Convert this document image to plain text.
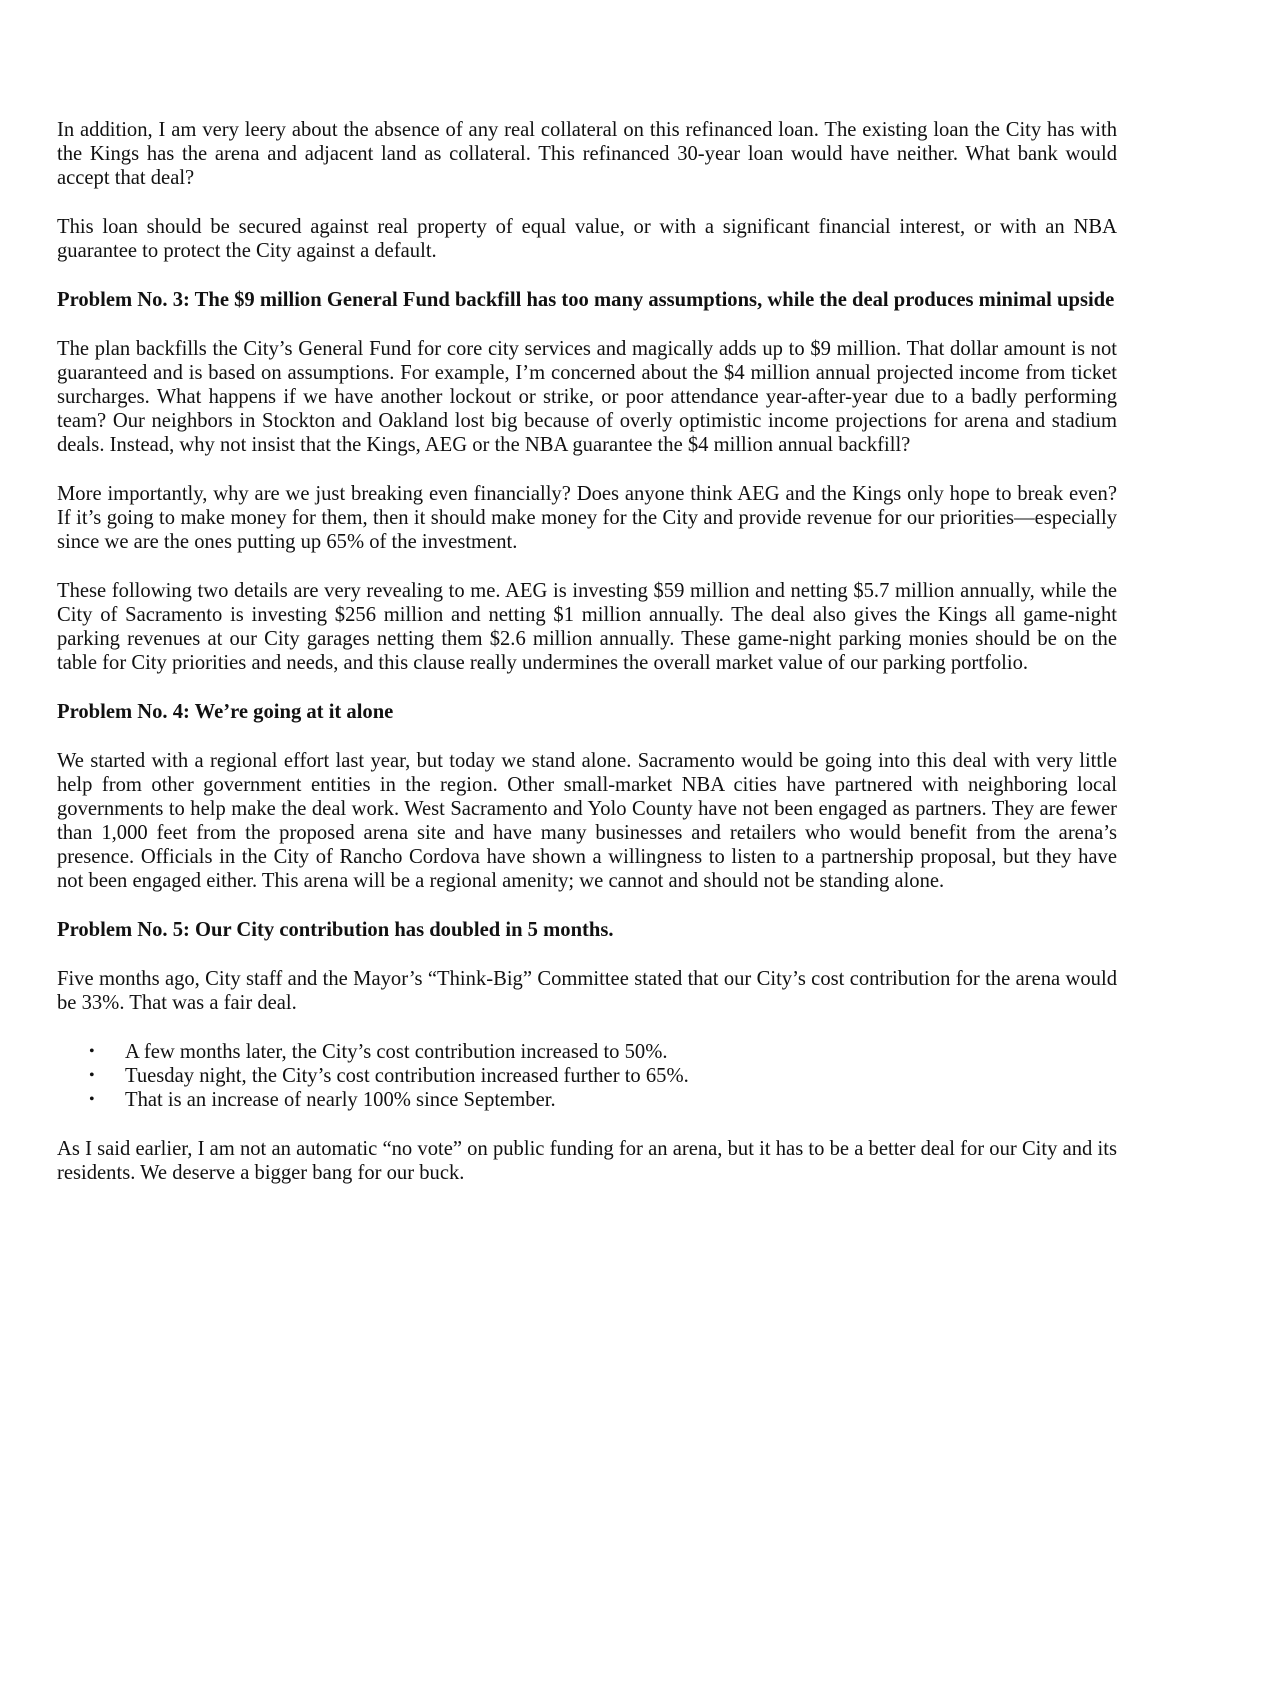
In addition, I am very leery about the absence of any real collateral on this refinanced loan. The existing loan the City has with the Kings has the arena and adjacent land as collateral. This refinanced 30-year loan would have neither. What bank would accept that deal?

This loan should be secured against real property of equal value, or with a significant financial interest, or with an NBA guarantee to protect the City against a default.

Problem No. 3: The $9 million General Fund backfill has too many assumptions, while the deal produces minimal upside

The plan backfills the City’s General Fund for core city services and magically adds up to $9 million. That dollar amount is not guaranteed and is based on assumptions. For example, I’m concerned about the $4 million annual projected income from ticket surcharges. What happens if we have another lockout or strike, or poor attendance year-after-year due to a badly performing team? Our neighbors in Stockton and Oakland lost big because of overly optimistic income projections for arena and stadium deals. Instead, why not insist that the Kings, AEG or the NBA guarantee the $4 million annual backfill?

More importantly, why are we just breaking even financially? Does anyone think AEG and the Kings only hope to break even? If it’s going to make money for them, then it should make money for the City and provide revenue for our priorities—especially since we are the ones putting up 65% of the investment.

These following two details are very revealing to me. AEG is investing $59 million and netting $5.7 million annually, while the City of Sacramento is investing $256 million and netting $1 million annually. The deal also gives the Kings all game-night parking revenues at our City garages netting them $2.6 million annually. These game-night parking monies should be on the table for City priorities and needs, and this clause really undermines the overall market value of our parking portfolio.

Problem No. 4: We’re going at it alone

We started with a regional effort last year, but today we stand alone. Sacramento would be going into this deal with very little help from other government entities in the region. Other small-market NBA cities have partnered with neighboring local governments to help make the deal work. West Sacramento and Yolo County have not been engaged as partners. They are fewer than 1,000 feet from the proposed arena site and have many businesses and retailers who would benefit from the arena’s presence. Officials in the City of Rancho Cordova have shown a willingness to listen to a partnership proposal, but they have not been engaged either. This arena will be a regional amenity; we cannot and should not be standing alone.

Problem No. 5: Our City contribution has doubled in 5 months.

Five months ago, City staff and the Mayor’s “Think-Big” Committee stated that our City’s cost contribution for the arena would be 33%. That was a fair deal.

• A few months later, the City’s cost contribution increased to 50%.
• Tuesday night, the City’s cost contribution increased further to 65%.
• That is an increase of nearly 100% since September.

As I said earlier, I am not an automatic “no vote” on public funding for an arena, but it has to be a better deal for our City and its residents. We deserve a bigger bang for our buck.
